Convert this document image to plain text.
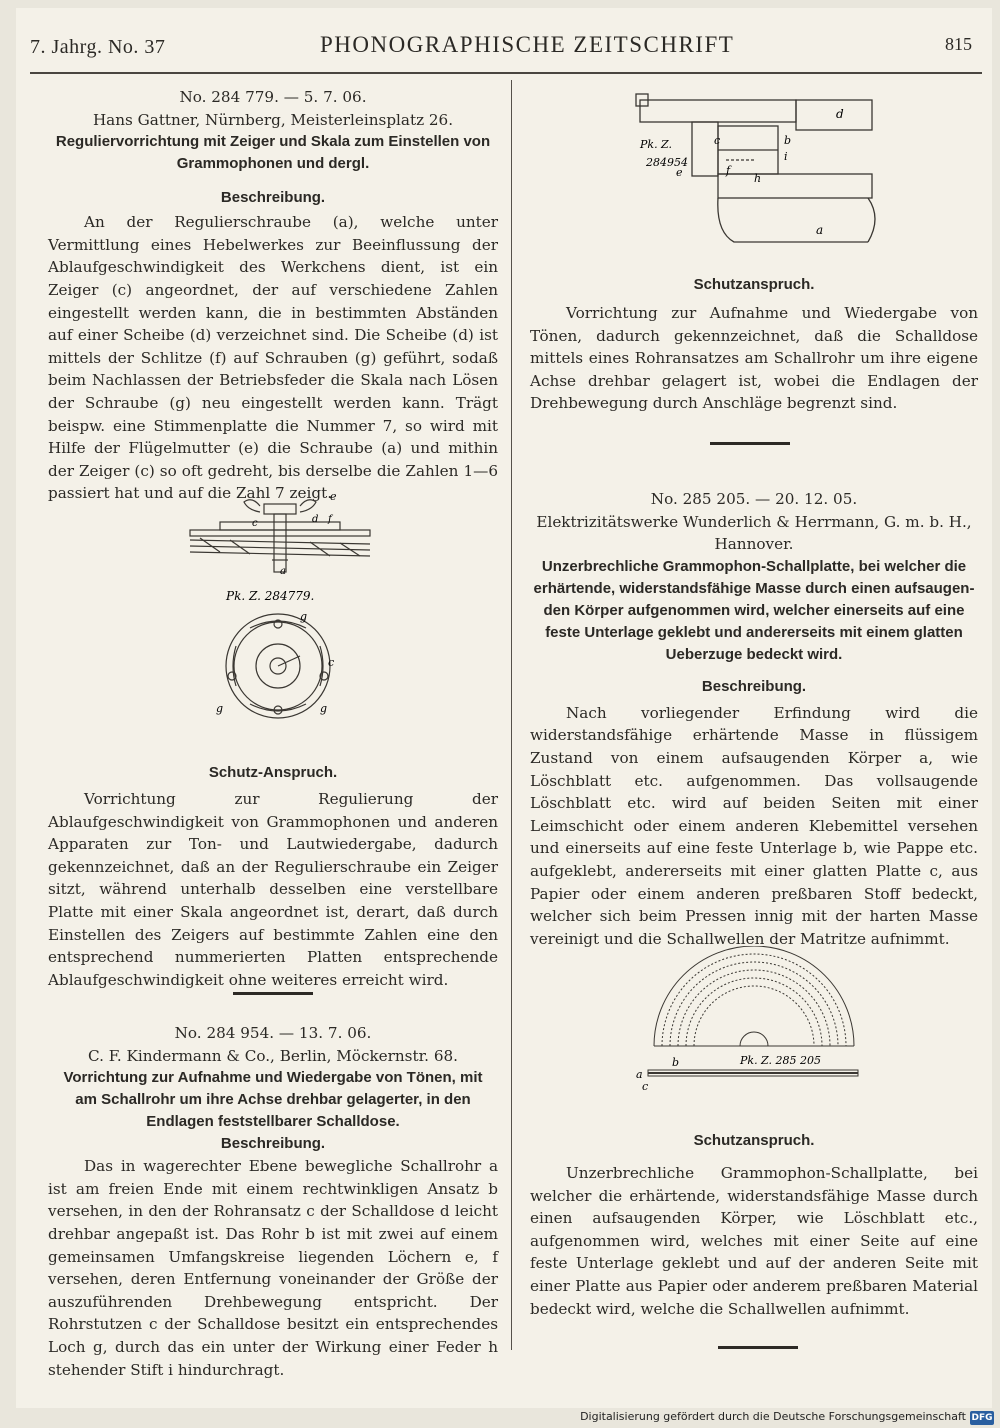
7. Jahrg. No. 37	PHONOGRAPHISCHE ZEITSCHRIFT	815
No. 284 779. — 5. 7. 06.
Hans Gattner, Nürnberg, Meisterleinsplatz 26.
Reguliervorrichtung mit Zeiger und Skala zum Einstellen von
Grammophonen und dergl.
Beschreibung.
An der Regulierschraube (a), welche unter Vermittlung eines Hebelwerkes zur Beeinflussung der Ablaufgeschwindigkeit des Werkchens dient, ist ein Zeiger (c) angeordnet, der auf verschiedene Zahlen eingestellt werden kann, die in bestimmten Abständen auf einer Scheibe (d) verzeichnet sind. Die Scheibe (d) ist mittels der Schlitze (f) auf Schrauben (g) geführt, sodaß beim Nachlassen der Betriebsfeder die Skala nach Lösen der Schraube (g) neu eingestellt werden kann. Trägt beispw. eine Stimmenplatte die Nummer 7, so wird mit Hilfe der Flügelmutter (e) die Schraube (a) und mithin der Zeiger (c) so oft gedreht, bis derselbe die Zahlen 1—6 passiert hat und auf die Zahl 7 zeigt.
e
c	d f
a
Pk. Z. 284779.
g
c
g	g
Schutz-Anspruch.
Vorrichtung zur Regulierung der Ablaufgeschwindigkeit von Grammophonen und anderen Apparaten zur Ton- und Lautwiedergabe, dadurch gekennzeichnet, daß an der Regulierschraube ein Zeiger sitzt, während unterhalb desselben eine verstellbare Platte mit einer Skala angeordnet ist, derart, daß durch Einstellen des Zeigers auf bestimmte Zahlen eine den entsprechend nummerierten Platten entsprechende Ablaufgeschwindigkeit ohne weiteres erreicht wird.
No. 284 954. — 13. 7. 06.
C. F. Kindermann & Co., Berlin, Möckernstr. 68.
Vorrichtung zur Aufnahme und Wiedergabe von Tönen, mit
am Schallrohr um ihre Achse drehbar gelagerter, in den
Endlagen feststellbarer Schalldose.
Beschreibung.
Das in wagerechter Ebene bewegliche Schallrohr a ist am freien Ende mit einem rechtwinkligen Ansatz b versehen, in den der Rohransatz c der Schalldose d leicht drehbar angepaßt ist. Das Rohr b ist mit zwei auf einem gemeinsamen Umfangskreise liegenden Löchern e, f versehen, deren Entfernung voneinander der Größe der auszuführenden Drehbewegung entspricht. Der Rohrstutzen c der Schalldose besitzt ein entsprechendes Loch g, durch das ein unter der Wirkung einer Feder h stehender Stift i hindurchragt.
Pk. Z.
284954
c	b
i
f
h
e
d
a
Schutzanspruch.
Vorrichtung zur Aufnahme und Wiedergabe von Tönen, dadurch gekennzeichnet, daß die Schalldose mittels eines Rohransatzes am Schallrohr um ihre eigene Achse drehbar gelagert ist, wobei die Endlagen der Drehbewegung durch Anschläge begrenzt sind.
No. 285 205. — 20. 12. 05.
Elektrizitätswerke Wunderlich & Herrmann, G. m. b. H.,
Hannover.
Unzerbrechliche Grammophon-Schallplatte, bei welcher die
erhärtende, widerstandsfähige Masse durch einen aufsaugen-
den Körper aufgenommen wird, welcher einerseits auf eine
feste Unterlage geklebt und andererseits mit einem glatten
Ueberzuge bedeckt wird.
Beschreibung.
Nach vorliegender Erfindung wird die widerstandsfähige erhärtende Masse in flüssigem Zustand von einem aufsaugenden Körper a, wie Löschblatt etc. aufgenommen. Das vollsaugende Löschblatt etc. wird auf beiden Seiten mit einer Leimschicht oder einem anderen Klebemittel versehen und einerseits auf eine feste Unterlage b, wie Pappe etc. aufgeklebt, andererseits mit einer glatten Platte c, aus Papier oder einem anderen preßbaren Stoff bedeckt, welcher sich beim Pressen innig mit der harten Masse vereinigt und die Schallwellen der Matritze aufnimmt.
a
b
c
Pk. Z. 285 205
Schutzanspruch.
Unzerbrechliche Grammophon-Schallplatte, bei welcher die erhärtende, widerstandsfähige Masse durch einen aufsaugenden Körper, wie Löschblatt etc., aufgenommen wird, welches mit einer Seite auf eine feste Unterlage geklebt und auf der anderen Seite mit einer Platte aus Papier oder anderem preßbaren Material bedeckt wird, welche die Schallwellen aufnimmt.
Digitalisierung gefördert durch die Deutsche Forschungsgemeinschaft DFG
